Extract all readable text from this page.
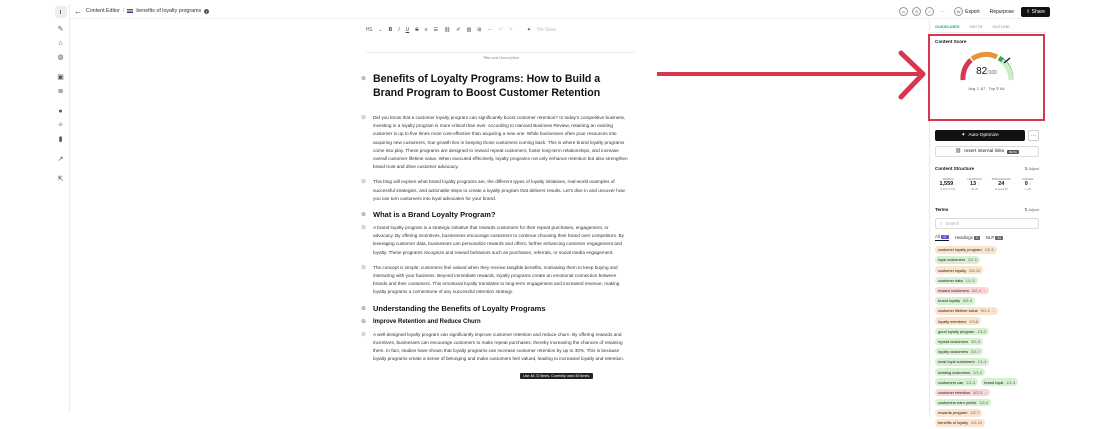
ı
✎
⌂
◍
▣
≣
●
✧
▮
↗
⇱
← Content Editor / benefits of loyalty programs	i	▭	◷	✓	···	W Export	Repurpose	⇧ Share
H1 ⌄ B I U S ≡ ☰ ⛓ ✐ ▨ ⊞ ··· ↶ ↷	✦ No Sess
Title and Description
⊕ Benefits of Loyalty Programs: How to Build a Brand Program to Boost Customer Retention
⊕ Did you know that a customer loyalty program can significantly boost customer retention? In today's competitive business, investing in a loyalty program is more critical than ever. According to Harvard Business Review, retaining an existing customer is up to five times more cost-effective than acquiring a new one. While businesses often pour resources into acquiring new customers, true growth lies in keeping those customers coming back. This is where brand loyalty programs come into play. These programs are designed to reward repeat customers, foster long-term relationships, and increase overall customer lifetime value. When executed effectively, loyalty programs not only enhance retention but also strengthen brand trust and drive customer advocacy.
⊕ This blog will explore what brand loyalty programs are, the different types of loyalty initiatives, real-world examples of successful strategies, and actionable steps to create a loyalty program that delivers results. Let's dive in and uncover how you can turn customers into loyal advocates for your brand.
⊕ What is a Brand Loyalty Program?
⊕ A brand loyalty program is a strategic initiative that rewards customers for their repeat purchases, engagement, or advocacy. By offering incentives, businesses encourage customers to continue choosing their brand over competitors. By leveraging customer data, businesses can personalize rewards and offers, further enhancing customer engagement and loyalty. These programs recognize and reward behaviors such as purchases, referrals, or social media engagement.
⊕ The concept is simple: customers feel valued when they receive tangible benefits, motivating them to keep buying and interacting with your business. Beyond immediate rewards, loyalty programs create an emotional connection between brands and their customers. This emotional loyalty translates to long-term engagement and increased revenue, making loyalty programs a cornerstone of any successful retention strategy.
⊕ Understanding the Benefits of Loyalty Programs
⊕ Improve Retention and Reduce Churn
⊕ A well-designed loyalty program can significantly improve customer retention and reduce churn. By offering rewards and incentives, businesses can encourage customers to make repeat purchases, thereby increasing the chances of retaining them. In fact, studies have shown that loyalty programs can increase customer retention by up to 30%. This is because loyalty programs create a sense of belonging and make customers feel valued, leading to increased loyalty and retention.
Use 48-72 times. Currently used 45 times.
GUIDELINES	FACTS	OUTLINE
Content Score
82/100
Avg ⇩ 67 Top ⚲ 84
✦ Auto-Optimize	···
⛓ Insert internal links	BETA
Content Structure	⇅ Adjust
WORDS
1,559 ↓
3,971-4,754
HEADINGS
13 ↓
24-39
PARAGRAPHS
24
at least 80
IMAGES
0 ↓
1-25
Terms	⇅ Adjust
⌕ Search
All 47	Headings 0	NLP 34
customer loyalty program 1/2-3
loyal customers 2/2-5
customer loyalty 2/6-12
customer data 1/1-3
reward customers 0/2-4 ↓
brand loyalty 5/5-9
customer lifetime value 5/1-3 ↓
loyalty members 1/3-6
good loyalty program 1/1-2
repeat customers 3/2-3
loyalty customers 2/2-7
most loyal customers 1/1-4
existing customers 2/1-3
customers can 1/1-3 brand loyal 1/1-3
customer retention 8/2-3 ↓
customers earn points 1/2-4
rewards program 1/2-7
benefits of loyalty 2/2-10
